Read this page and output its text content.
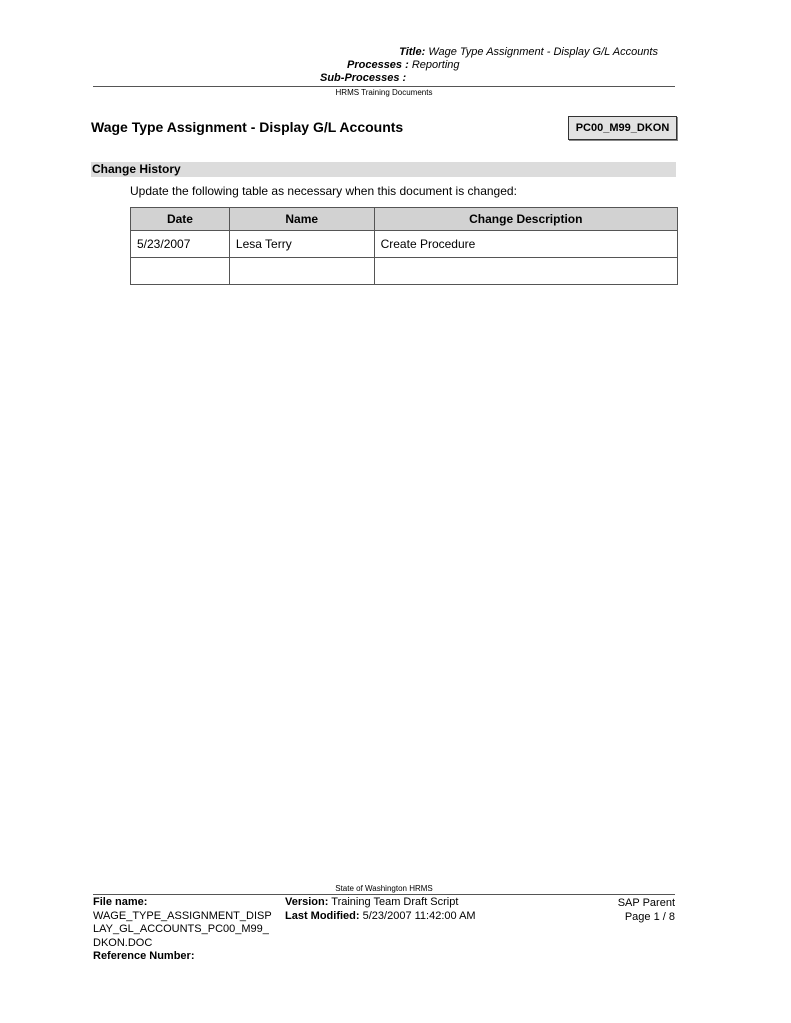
Title: Wage Type Assignment - Display G/L Accounts
Processes : Reporting
Sub-Processes :
HRMS Training Documents
Wage Type Assignment - Display G/L Accounts	PC00_M99_DKON
Change History
Update the following table as necessary when this document is changed:
Date	Name	Change Description
5/23/2007	Lesa Terry	Create Procedure

State of Washington HRMS
File name:
WAGE_TYPE_ASSIGNMENT_DISP
LAY_GL_ACCOUNTS_PC00_M99_
DKON.DOC
Reference Number:
Version: Training Team Draft Script
Last Modified: 5/23/2007 11:42:00 AM
SAP Parent
Page 1 / 8
